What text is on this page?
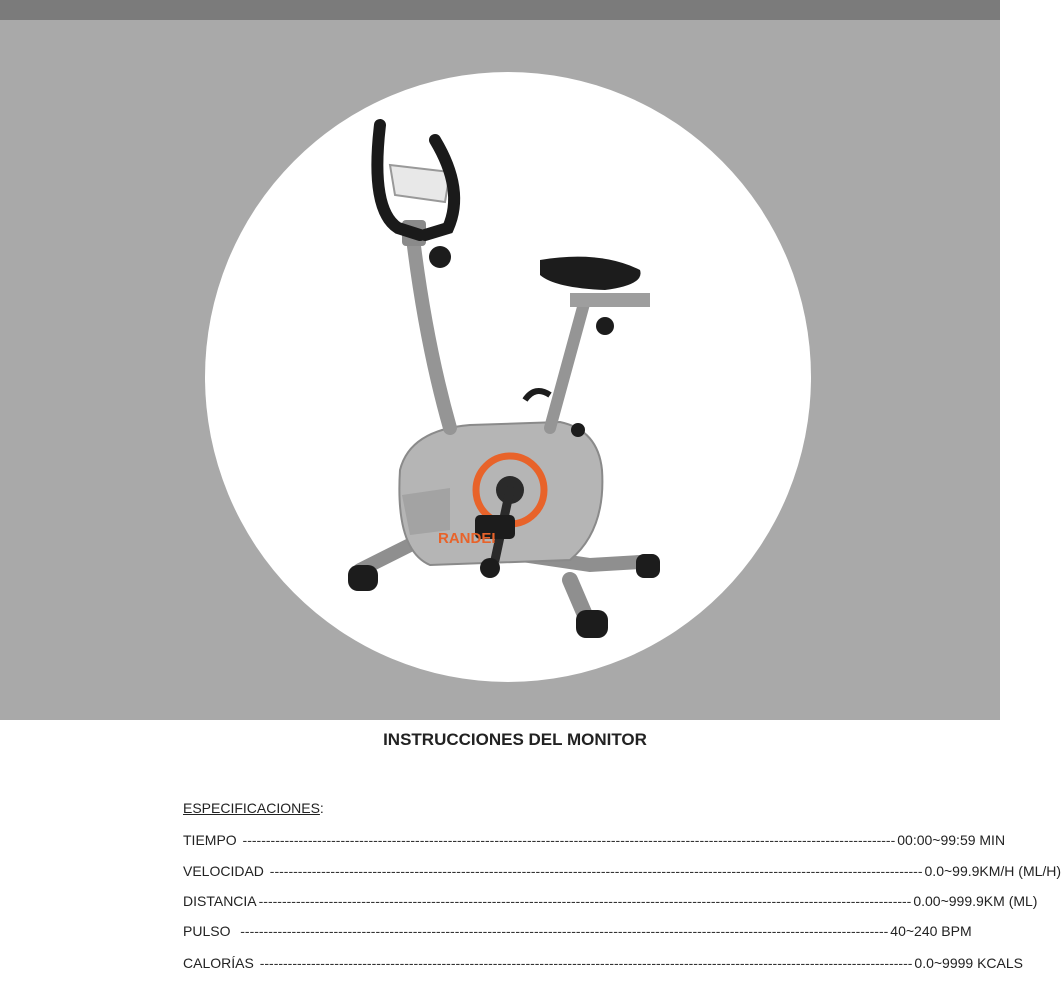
RANDEI
INSTRUCCIONES DEL MONITOR
ESPECIFICACIONES:
TIEMPO -------------------------------------------------------------------------------------------------------------------------------------------- 00:00~99:59 MIN
VELOCIDAD -------------------------------------------------------------------------------------------------------------------------------------------- 0.0~99.9KM/H (ML/H)
DISTANCIA -------------------------------------------------------------------------------------------------------------------------------------------- 0.00~999.9KM (ML)
PULSO ------------------------------------------------------------------------------------------------------------------------------------------- 40~240 BPM
CALORÍAS -------------------------------------------------------------------------------------------------------------------------------------------- 0.0~9999 KCALS
